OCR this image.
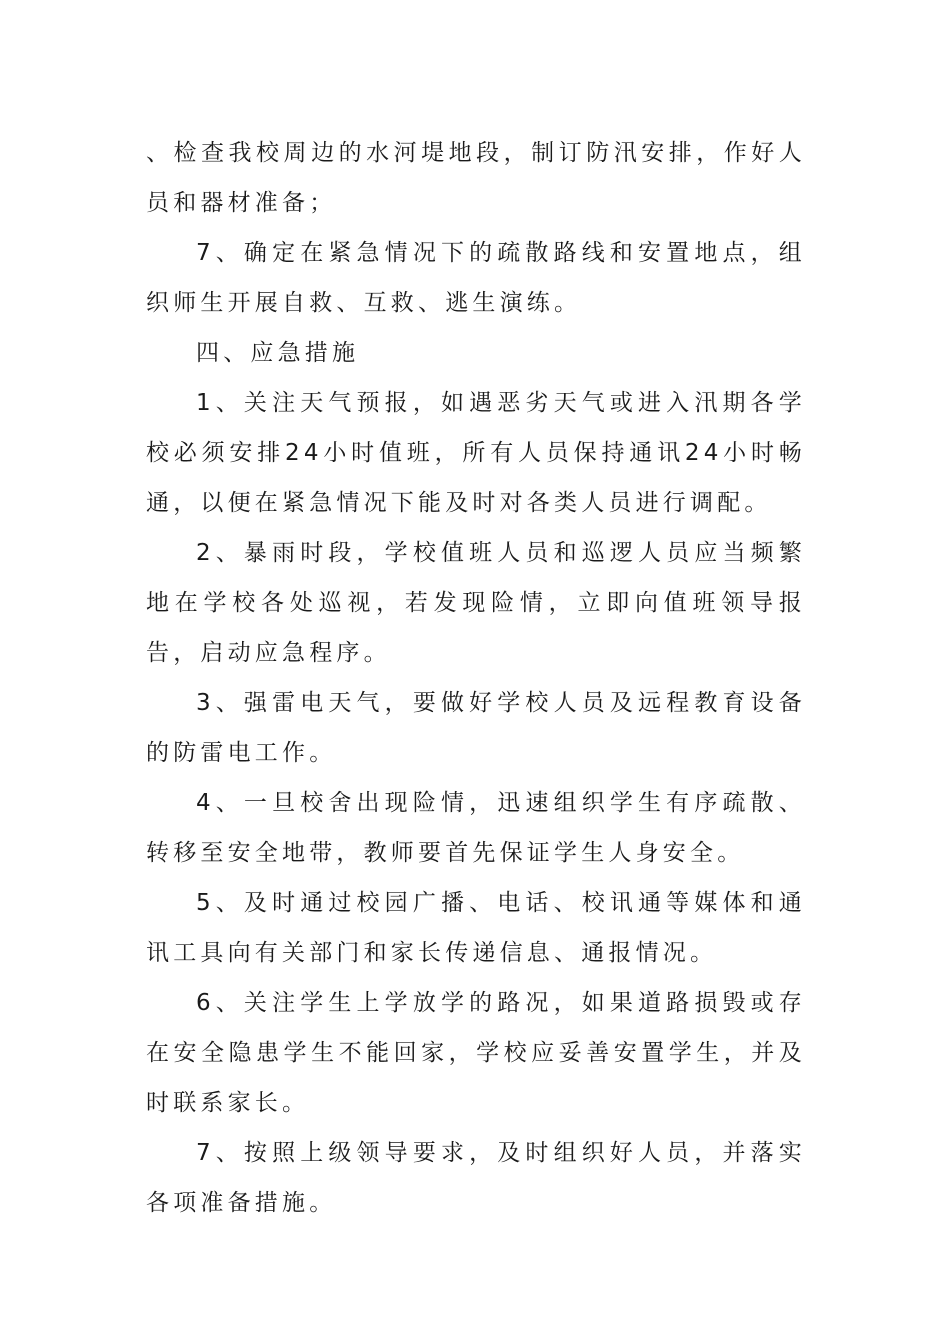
、检查我校周边的水河堤地段，制订防汛安排，作好人员和器材准备；

7、确定在紧急情况下的疏散路线和安置地点，组织师生开展自救、互救、逃生演练。

四、应急措施

1、关注天气预报，如遇恶劣天气或进入汛期各学校必须安排24小时值班，所有人员保持通讯24小时畅通，以便在紧急情况下能及时对各类人员进行调配。

2、暴雨时段，学校值班人员和巡逻人员应当频繁地在学校各处巡视，若发现险情，立即向值班领导报告，启动应急程序。

3、强雷电天气，要做好学校人员及远程教育设备的防雷电工作。

4、一旦校舍出现险情，迅速组织学生有序疏散、转移至安全地带，教师要首先保证学生人身安全。

5、及时通过校园广播、电话、校讯通等媒体和通讯工具向有关部门和家长传递信息、通报情况。

6、关注学生上学放学的路况，如果道路损毁或存在安全隐患学生不能回家，学校应妥善安置学生，并及时联系家长。

7、按照上级领导要求，及时组织好人员，并落实各项准备措施。
